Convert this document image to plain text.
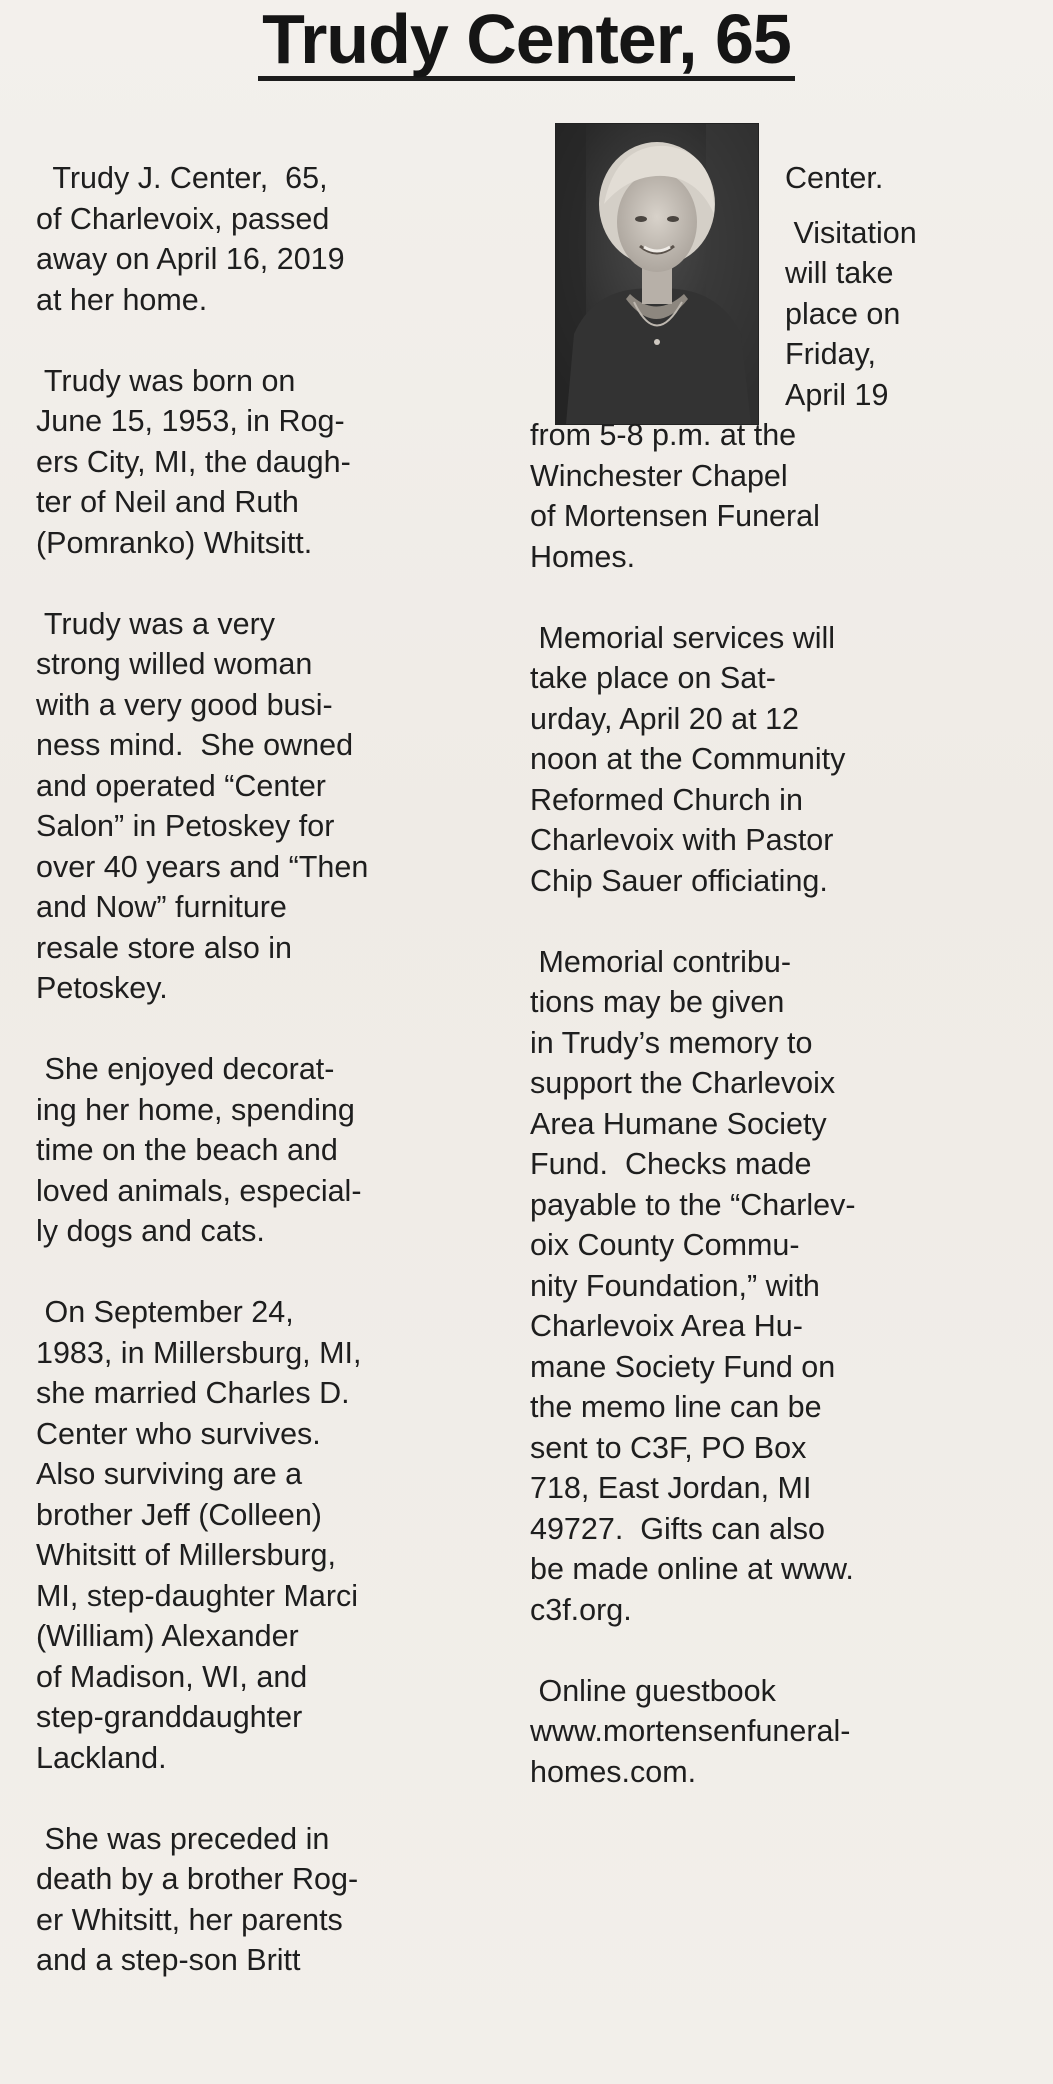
Trudy Center, 65
Trudy J. Center,  65,
of Charlevoix, passed
away on April 16, 2019
at her home.
Trudy was born on
June 15, 1953, in Rog-
ers City, MI, the daugh-
ter of Neil and Ruth
(Pomranko) Whitsitt.
Trudy was a very
strong willed woman
with a very good busi-
ness mind.  She owned
and operated “Center
Salon” in Petoskey for
over 40 years and “Then
and Now” furniture
resale store also in
Petoskey.
She enjoyed decorat-
ing her home, spending
time on the beach and
loved animals, especial-
ly dogs and cats.
On September 24,
1983, in Millersburg, MI,
she married Charles D.
Center who survives.
Also surviving are a
brother Jeff (Colleen)
Whitsitt of Millersburg,
MI, step-daughter Marci
(William) Alexander
of Madison, WI, and
step-granddaughter
Lackland.
She was preceded in
death by a brother Rog-
er Whitsitt, her parents
and a step-son Britt
Center.
Visitation
will take
place on
Friday,
April 19
from 5-8 p.m. at the
Winchester Chapel
of Mortensen Funeral
Homes.
Memorial services will
take place on Sat-
urday, April 20 at 12
noon at the Community
Reformed Church in
Charlevoix with Pastor
Chip Sauer officiating.
Memorial contribu-
tions may be given
in Trudy’s memory to
support the Charlevoix
Area Humane Society
Fund.  Checks made
payable to the “Charlev-
oix County Commu-
nity Foundation,” with
Charlevoix Area Hu-
mane Society Fund on
the memo line can be
sent to C3F, PO Box
718, East Jordan, MI
49727.  Gifts can also
be made online at www.
c3f.org.
Online guestbook
www.mortensenfuneral-
homes.com.
